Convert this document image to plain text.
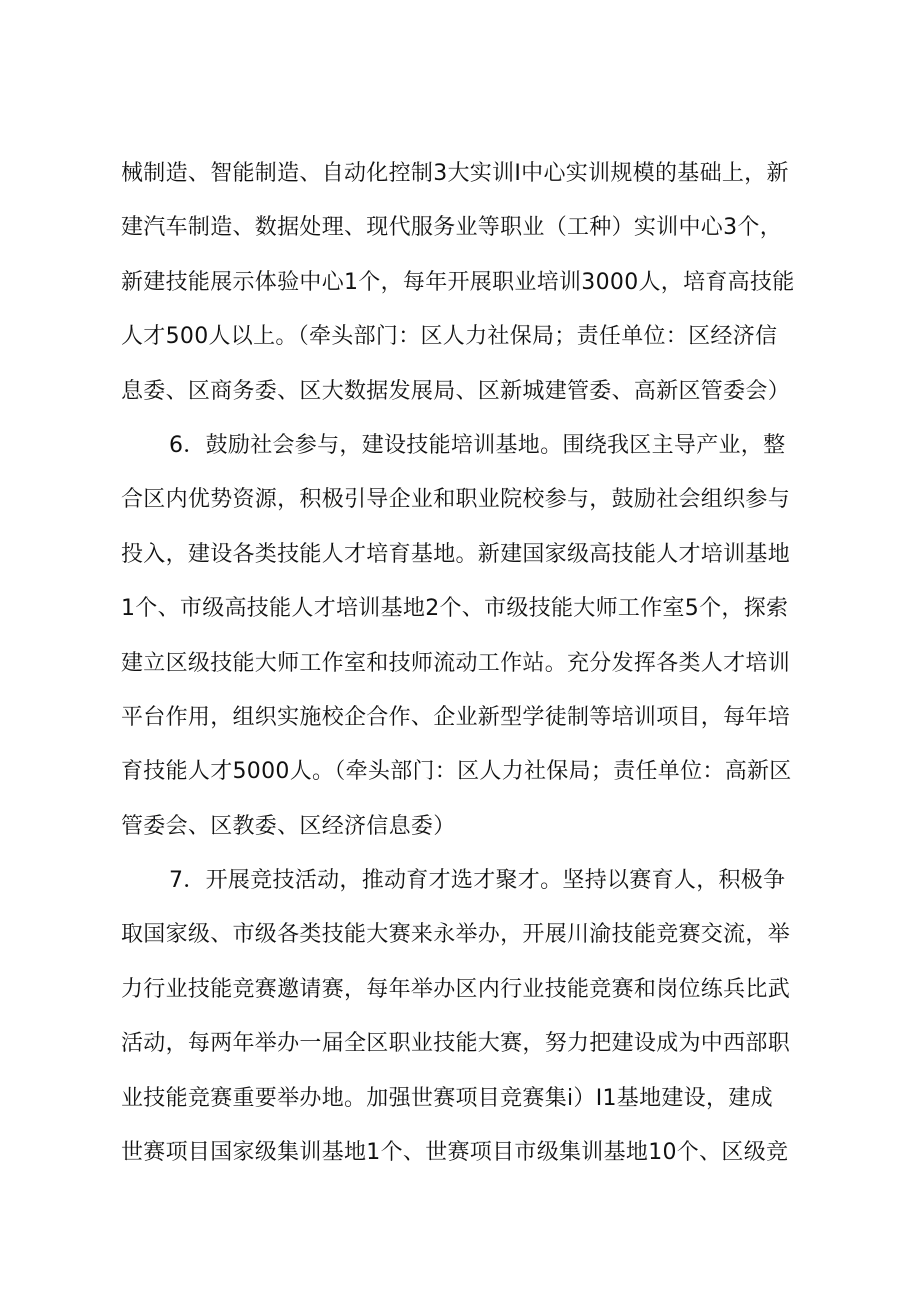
械制造、智能制造、自动化控制3大实训I中心实训规模的基础上，新
建汽车制造、数据处理、现代服务业等职业（工种）实训中心3个，
新建技能展示体验中心1个，每年开展职业培训3000人，培育高技能
人才500人以上。（牵头部门：区人力社保局；责任单位：区经济信
息委、区商务委、区大数据发展局、区新城建管委、高新区管委会）
6．鼓励社会参与，建设技能培训基地。围绕我区主导产业，整
合区内优势资源，积极引导企业和职业院校参与，鼓励社会组织参与
投入，建设各类技能人才培育基地。新建国家级高技能人才培训基地
1个、市级高技能人才培训基地2个、市级技能大师工作室5个，探索
建立区级技能大师工作室和技师流动工作站。充分发挥各类人才培训
平台作用，组织实施校企合作、企业新型学徒制等培训项目，每年培
育技能人才5000人。（牵头部门：区人力社保局；责任单位：高新区
管委会、区教委、区经济信息委）
7．开展竞技活动，推动育才选才聚才。坚持以赛育人，积极争
取国家级、市级各类技能大赛来永举办，开展川渝技能竞赛交流，举
力行业技能竞赛邀请赛，每年举办区内行业技能竞赛和岗位练兵比武
活动，每两年举办一届全区职业技能大赛，努力把建设成为中西部职
业技能竞赛重要举办地。加强世赛项目竞赛集i）I1基地建设，建成
世赛项目国家级集训基地1个、世赛项目市级集训基地10个、区级竞
